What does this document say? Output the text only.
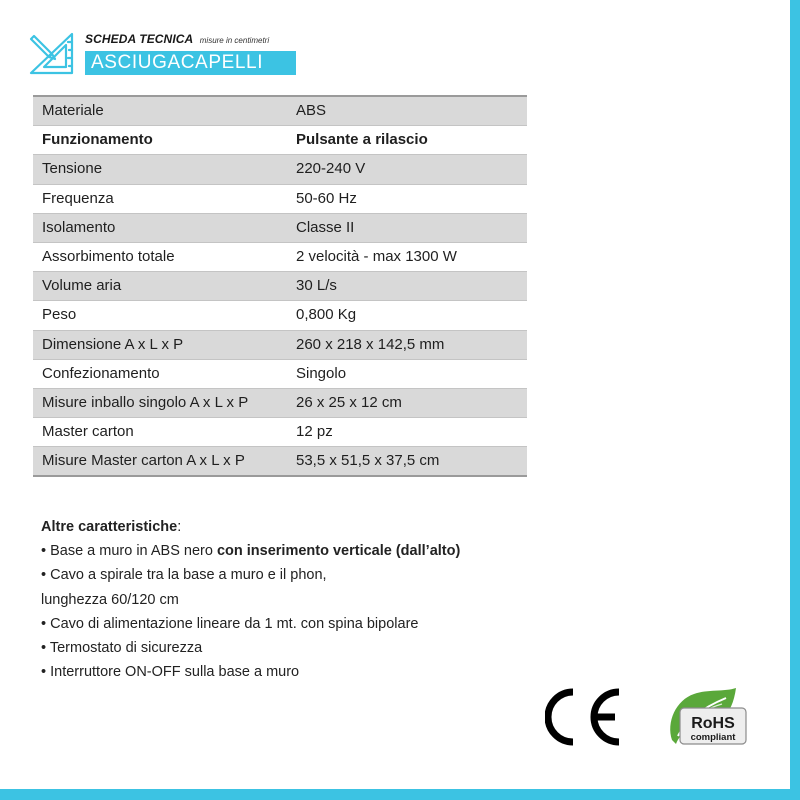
SCHEDA TECNICA misure in centimetri
ASCIUGACAPELLI
Materiale	ABS
Funzionamento	Pulsante a rilascio
Tensione	220-240 V
Frequenza	50-60 Hz
Isolamento	Classe II
Assorbimento totale	2 velocità - max 1300 W
Volume aria	30 L/s
Peso	0,800 Kg
Dimensione A x L x P	260 x 218 x 142,5 mm
Confezionamento	Singolo
Misure inballo singolo A x L x P	26 x 25 x 12 cm
Master carton	12 pz
Misure Master carton A x L x P	53,5 x 51,5 x 37,5 cm
Altre caratteristiche:
• Base a muro in ABS nero con inserimento verticale (dall’alto)
• Cavo a spirale tra la base a muro e il phon,
lunghezza 60/120 cm
• Cavo di alimentazione lineare da 1 mt. con spina bipolare
• Termostato di sicurezza
• Interruttore ON-OFF sulla base a muro
RoHS
compliant
